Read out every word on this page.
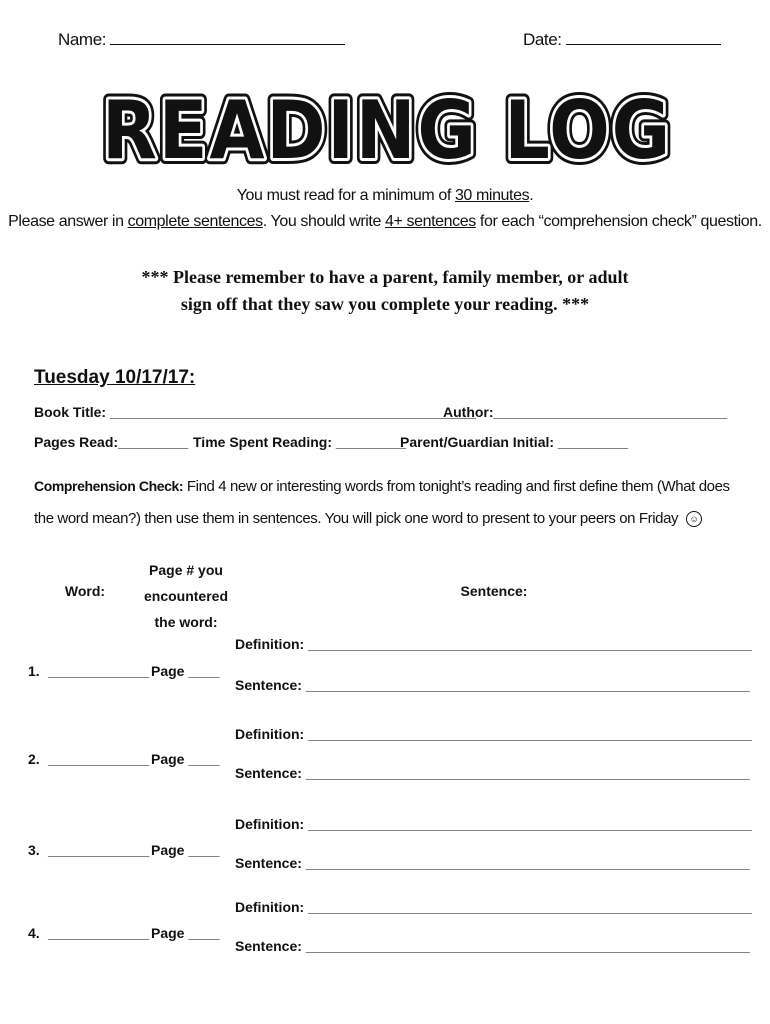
Name:	Date:
READING LOG
READING LOG
READING LOG
You must read for a minimum of 30 minutes.
Please answer in complete sentences. You should write 4+ sentences for each “comprehension check” question.
*** Please remember to have a parent, family member, or adult
sign off that they saw you complete your reading. ***
Tuesday 10/17/17:
Book Title: _______________________________________________
Author:______________________________
Pages Read:_________ Time Spent Reading: _________
Parent/Guardian Initial: _________
Comprehension Check: Find 4 new or interesting words from tonight’s reading and first define them (What does the word mean?) then use them in sentences. You will pick one word to present to your peers on Friday ☺
Word:
Page # you encountered the word:
Sentence:
1. _____________ Page ____
Definition: _________________________________________________________
Sentence: _________________________________________________________
2. _____________ Page ____
Definition: _________________________________________________________
Sentence: _________________________________________________________
3. _____________ Page ____
Definition: _________________________________________________________
Sentence: _________________________________________________________
4. _____________ Page ____
Definition: _________________________________________________________
Sentence: _________________________________________________________
